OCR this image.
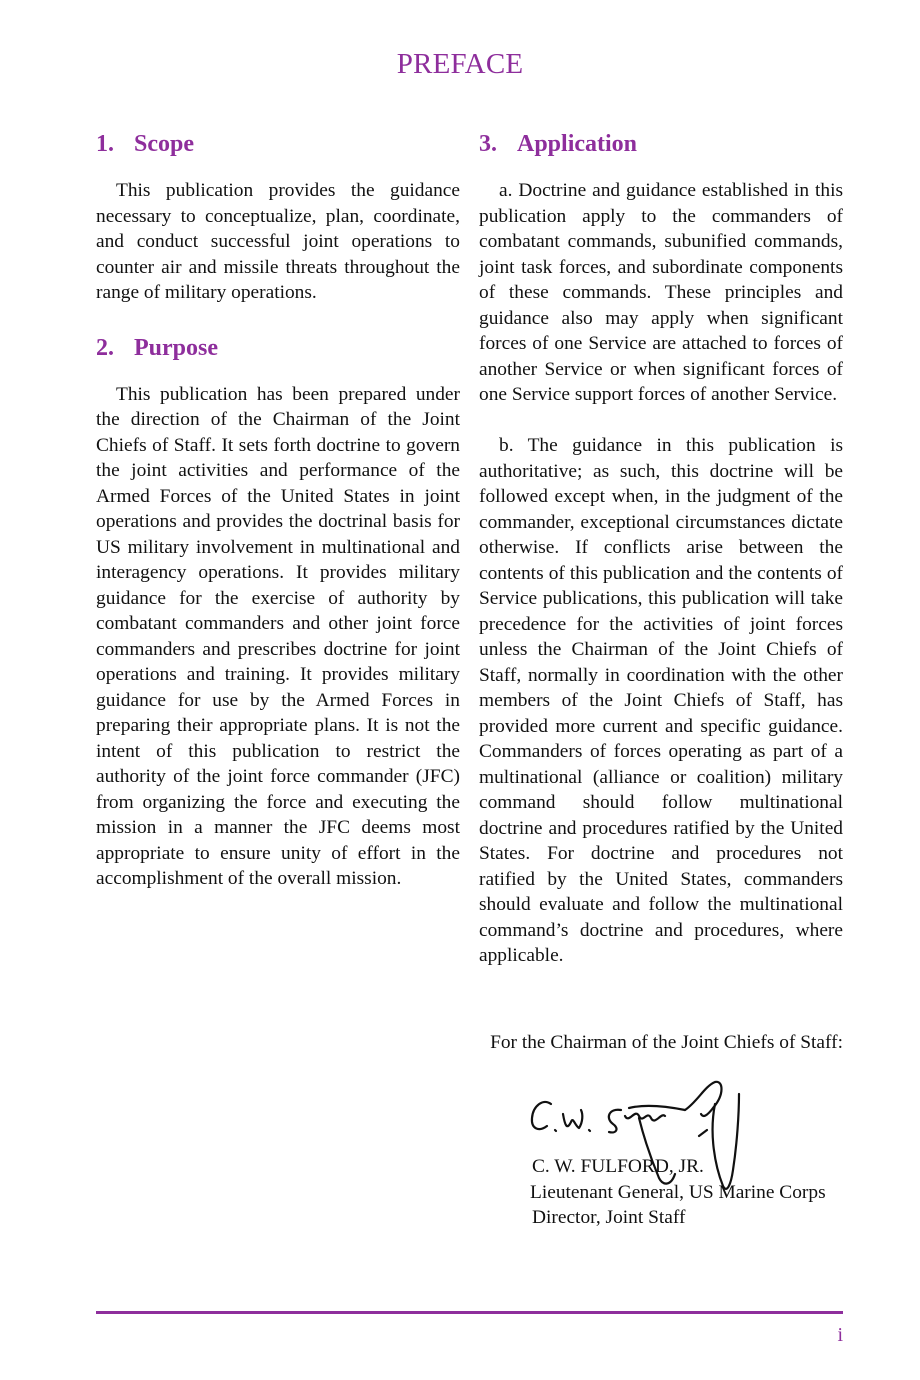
PREFACE
1. Scope

This publication provides the guidance necessary to conceptualize, plan, coordinate, and conduct successful joint operations to counter air and missile threats throughout the range of military operations.

2. Purpose

This publication has been prepared under the direction of the Chairman of the Joint Chiefs of Staff. It sets forth doctrine to govern the joint activities and performance of the Armed Forces of the United States in joint operations and provides the doctrinal basis for US military involvement in multinational and interagency operations. It provides military guidance for the exercise of authority by combatant commanders and other joint force commanders and prescribes doctrine for joint operations and training. It provides military guidance for use by the Armed Forces in preparing their appropriate plans. It is not the intent of this publication to restrict the authority of the joint force commander (JFC) from organizing the force and executing the mission in a manner the JFC deems most appropriate to ensure unity of effort in the accomplishment of the overall mission.

3. Application

a. Doctrine and guidance established in this publication apply to the commanders of combatant commands, subunified commands, joint task forces, and subordinate components of these commands. These principles and guidance also may apply when significant forces of one Service are attached to forces of another Service or when significant forces of one Service support forces of another Service.

b. The guidance in this publication is authoritative; as such, this doctrine will be followed except when, in the judgment of the commander, exceptional circumstances dictate otherwise. If conflicts arise between the contents of this publication and the contents of Service publications, this publication will take precedence for the activities of joint forces unless the Chairman of the Joint Chiefs of Staff, normally in coordination with the other members of the Joint Chiefs of Staff, has provided more current and specific guidance. Commanders of forces operating as part of a multinational (alliance or coalition) military command should follow multinational doctrine and procedures ratified by the United States. For doctrine and procedures not ratified by the United States, commanders should evaluate and follow the multinational command’s doctrine and procedures, where applicable.

For the Chairman of the Joint Chiefs of Staff:
C. W. FULFORD, JR.
Lieutenant General, US Marine Corps
Director, Joint Staff
i
